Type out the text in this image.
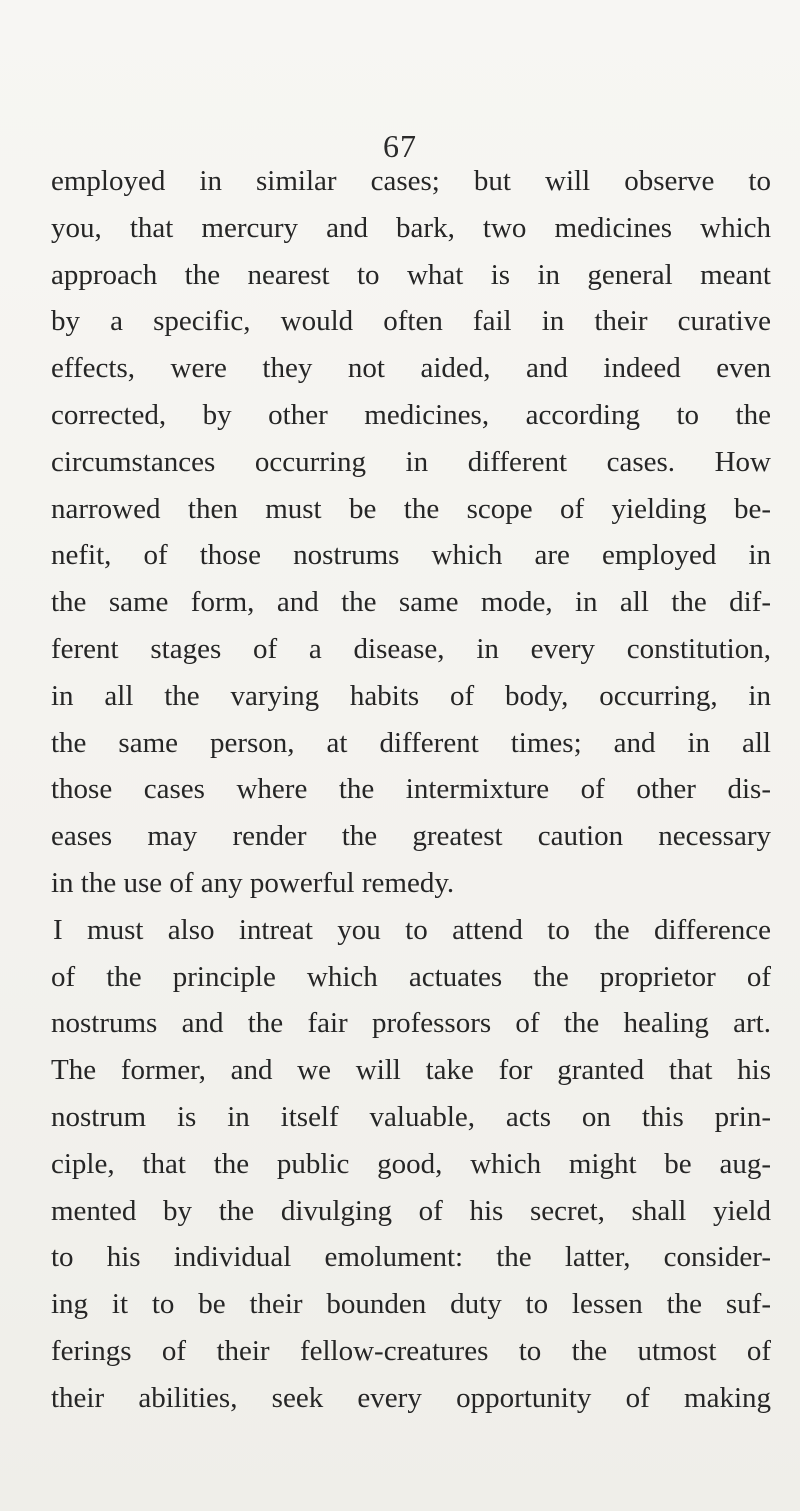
67
employed in similar cases; but will observe to
you, that mercury and bark, two medicines which
approach the nearest to what is in general meant
by a specific, would often fail in their curative
effects, were they not aided, and indeed even
corrected, by other medicines, according to the
circumstances occurring in different cases. How
narrowed then must be the scope of yielding be-
nefit, of those nostrums which are employed in
the same form, and the same mode, in all the dif-
ferent stages of a disease, in every constitution,
in all the varying habits of body, occurring, in
the same person, at different times; and in all
those cases where the intermixture of other dis-
eases may render the greatest caution necessary
in the use of any powerful remedy.
I must also intreat you to attend to the difference
of the principle which actuates the proprietor of
nostrums and the fair professors of the healing art.
The former, and we will take for granted that his
nostrum is in itself valuable, acts on this prin-
ciple, that the public good, which might be aug-
mented by the divulging of his secret, shall yield
to his individual emolument: the latter, consider-
ing it to be their bounden duty to lessen the suf-
ferings of their fellow-creatures to the utmost of
their abilities, seek every opportunity of making
